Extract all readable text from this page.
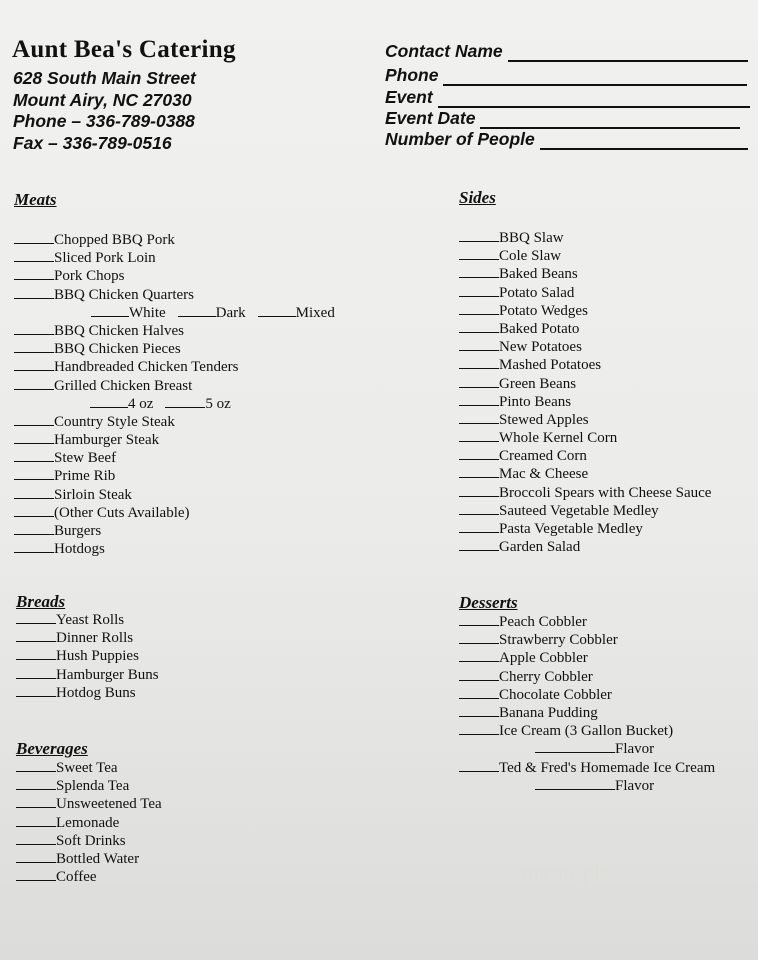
Aunt Bea's Catering
628 South Main Street
Mount Airy, NC 27030
Phone – 336-789-0388
Fax – 336-789-0516
Contact Name
Phone
Event
Event Date
Number of People
Meats
Chopped BBQ Pork
Sliced Pork Loin
Pork Chops
BBQ Chicken Quarters
White	Dark	Mixed
BBQ Chicken Halves
BBQ Chicken Pieces
Handbreaded Chicken Tenders
Grilled Chicken Breast
4 oz	5 oz
Country Style Steak
Hamburger Steak
Stew Beef
Prime Rib
Sirloin Steak
(Other Cuts Available)
Burgers
Hotdogs
Breads
Yeast Rolls
Dinner Rolls
Hush Puppies
Hamburger Buns
Hotdog Buns
Beverages
Sweet Tea
Splenda Tea
Unsweetened Tea
Lemonade
Soft Drinks
Bottled Water
Coffee
Sides
BBQ Slaw
Cole Slaw
Baked Beans
Potato Salad
Potato Wedges
Baked Potato
New Potatoes
Mashed Potatoes
Green Beans
Pinto Beans
Stewed Apples
Whole Kernel Corn
Creamed Corn
Mac & Cheese
Broccoli Spears with Cheese Sauce
Sauteed Vegetable Medley
Pasta Vegetable Medley
Garden Salad
Desserts
Peach Cobbler
Strawberry Cobbler
Apple Cobbler
Cherry Cobbler
Chocolate Cobbler
Banana Pudding
Ice Cream (3 Gallon Bucket)
Flavor
Ted & Fred's Homemade Ice Cream
Flavor
menu.pix
